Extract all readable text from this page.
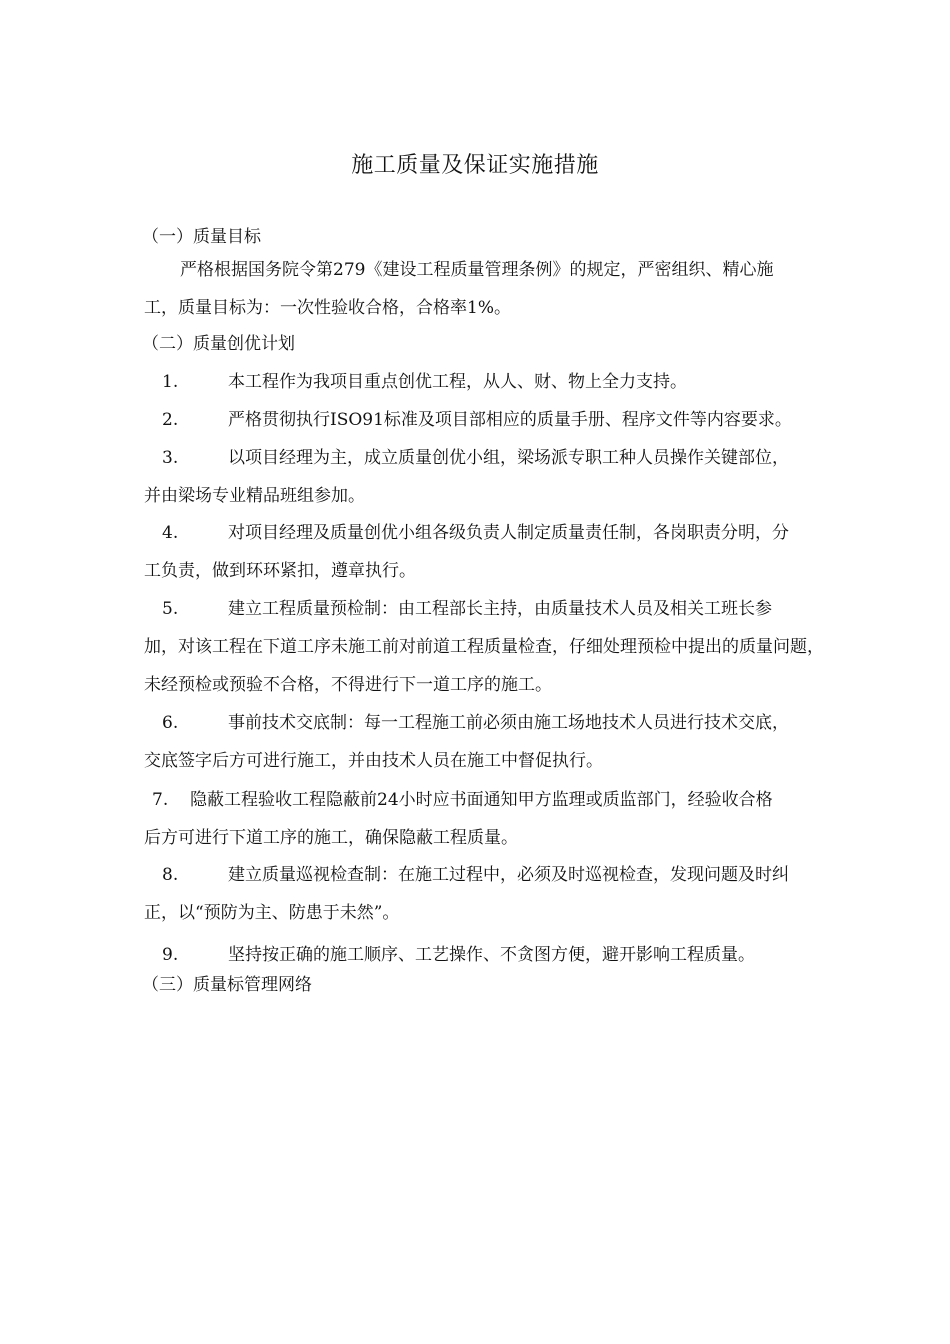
施工质量及保证实施措施
（一）质量目标
严格根据国务院令第279《建设工程质量管理条例》的规定，严密组织、精心施
工，质量目标为：一次性验收合格，合格率1%。
（二）质量创优计划
1.	本工程作为我项目重点创优工程，从人、财、物上全力支持。
2.	严格贯彻执行ISO91标准及项目部相应的质量手册、程序文件等内容要求。
3.	以项目经理为主，成立质量创优小组，梁场派专职工种人员操作关键部位，
并由梁场专业精品班组参加。
4.	对项目经理及质量创优小组各级负责人制定质量责任制，各岗职责分明，分
工负责，做到环环紧扣，遵章执行。
5.	建立工程质量预检制：由工程部长主持，由质量技术人员及相关工班长参
加，对该工程在下道工序未施工前对前道工程质量检查，仔细处理预检中提出的质量问题，未经预检或预验不合格，不得进行下一道工序的施工。
6.	事前技术交底制：每一工程施工前必须由施工场地技术人员进行技术交底，
交底签字后方可进行施工，并由技术人员在施工中督促执行。
7. 隐蔽工程验收工程隐蔽前24小时应书面通知甲方监理或质监部门，经验收合格
后方可进行下道工序的施工，确保隐蔽工程质量。
8.	建立质量巡视检查制：在施工过程中，必须及时巡视检查，发现问题及时纠
正，以“预防为主、防患于未然”。
9.	坚持按正确的施工顺序、工艺操作、不贪图方便，避开影响工程质量。
（三）质量标管理网络
